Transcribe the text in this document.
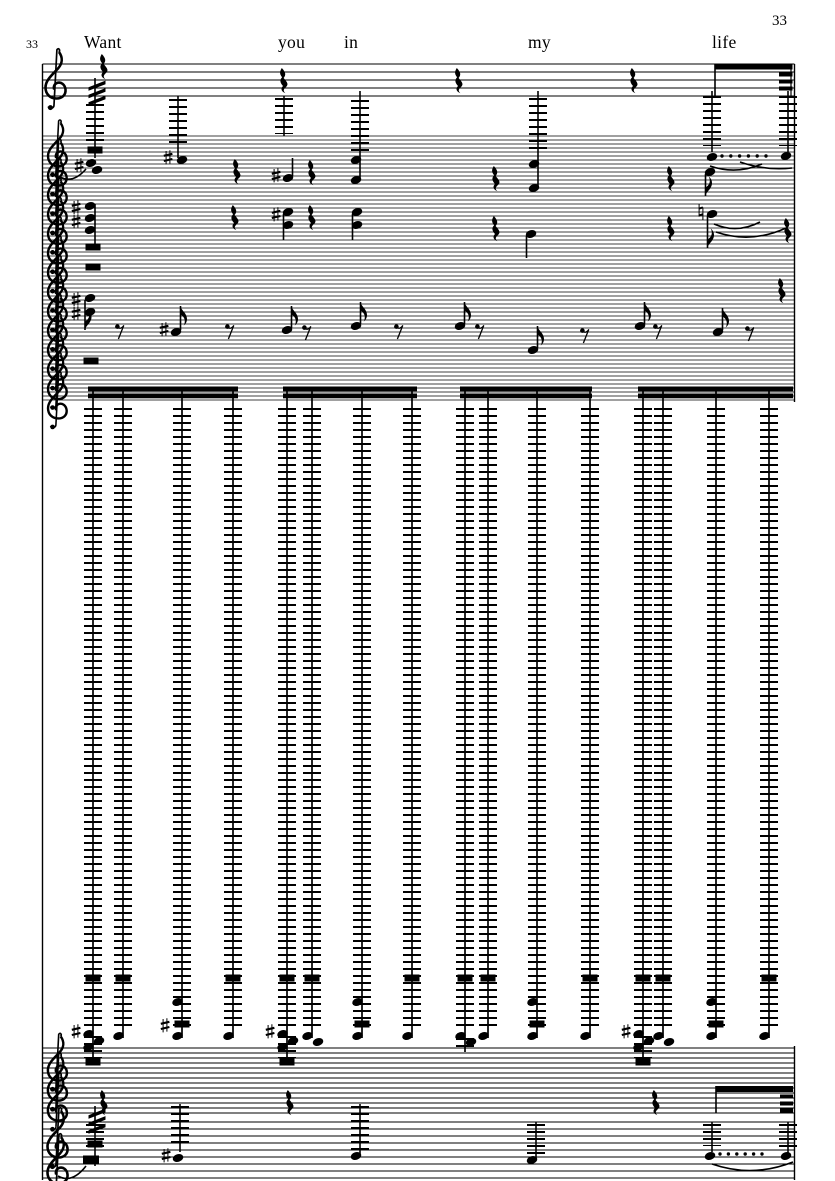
33
33	Want	you in	my	life
